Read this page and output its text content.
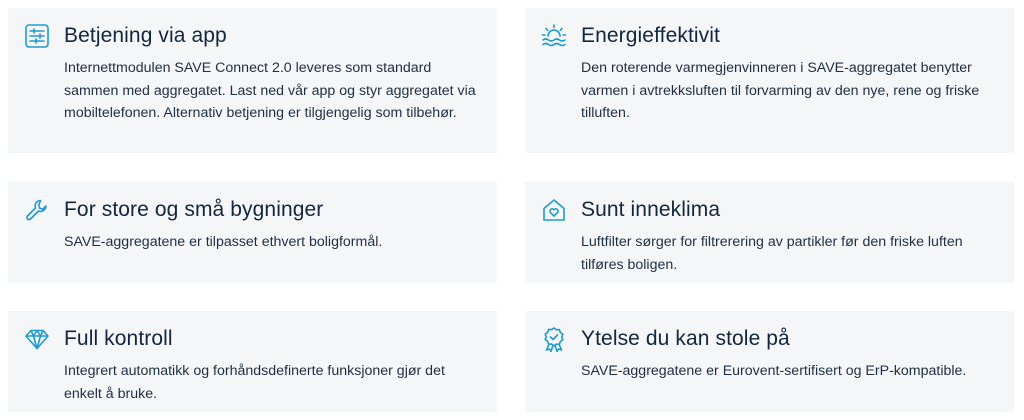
Betjening via app

Internettmodulen SAVE Connect 2.0 leveres som standard sammen med aggregatet. Last ned vår app og styr aggregatet via mobiltelefonen. Alternativ betjening er tilgjengelig som tilbehør.

Energieffektivit

Den roterende varmegjenvinneren i SAVE-aggregatet benytter varmen i avtrekksluften til forvarming av den nye, rene og friske tilluften.

For store og små bygninger

SAVE-aggregatene er tilpasset ethvert boligformål.

Sunt inneklima

Luftfilter sørger for filtrerering av partikler før den friske luften tilføres boligen.

Full kontroll

Integrert automatikk og forhåndsdefinerte funksjoner gjør det enkelt å bruke.

Ytelse du kan stole på

SAVE-aggregatene er Eurovent-sertifisert og ErP-kompatible.
